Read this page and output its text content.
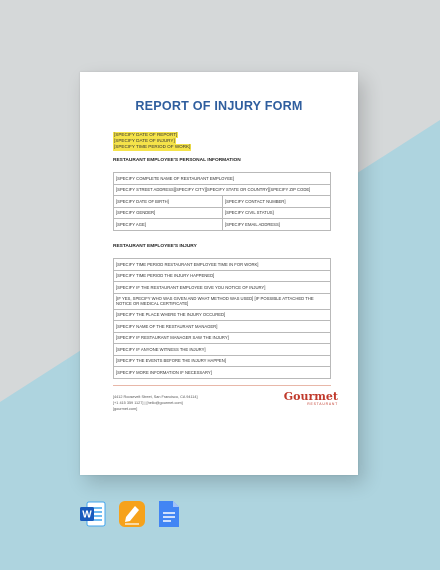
REPORT OF INJURY FORM
[SPECIFY DATE OF REPORT]
[SPECIFY DATE OF INJURY]
[SPECIFY TIME PERIOD OF WORK]
RESTAURANT EMPLOYEE'S PERSONAL INFORMATION
[SPECIFY COMPLETE NAME OF RESTAURANT EMPLOYEE]	
[SPECIFY STREET ADDRESS][SPECIFY CITY][SPECIFY STATE OR COUNTRY][SPECIFY ZIP CODE]	
[SPECIFY DATE OF BIRTH]	[SPECIFY CONTACT NUMBER]
[SPECIFY GENDER]	[SPECIFY CIVIL STATUS]
[SPECIFY AGE]	[SPECIFY EMAIL ADDRESS]
RESTAURANT EMPLOYEE'S INJURY
[SPECIFY TIME PERIOD RESTAURANT EMPLOYEE TIME IN FOR WORK]
[SPECIFY TIME PERIOD THE INJURY HAPPENED]
[SPECIFY IF THE RESTAURANT EMPLOYEE GIVE YOU NOTICE OF INJURY]
[IF YES, SPECIFY WHO WAS GIVEN AND WHAT METHOD WAS USED] [IF POSSIBLE ATTACHED THE NOTICE OR MEDICAL CERTIFICATE]
[SPECIFY THE PLACE WHERE THE INJURY OCCURED]
[SPECIFY NAME OF THE RESTAURANT MANAGER]
[SPECIFY IF RESTAURANT MANAGER SAW THE INJURY]
[SPECIFY IF ANYONE WITNESS THE INJURY]
[SPECIFY THE EVENTS BEFORE THE INJURY HAPPEN]
[SPECIFY MORE INFORMATION IF NECESSARY]
[4412 Roosevelt Street, San Francisco, CA 94114]
[+1 415 359 1127] | [hello@gourmet.com]
[gourmet.com]
Gourmet
RESTAURANT
W
